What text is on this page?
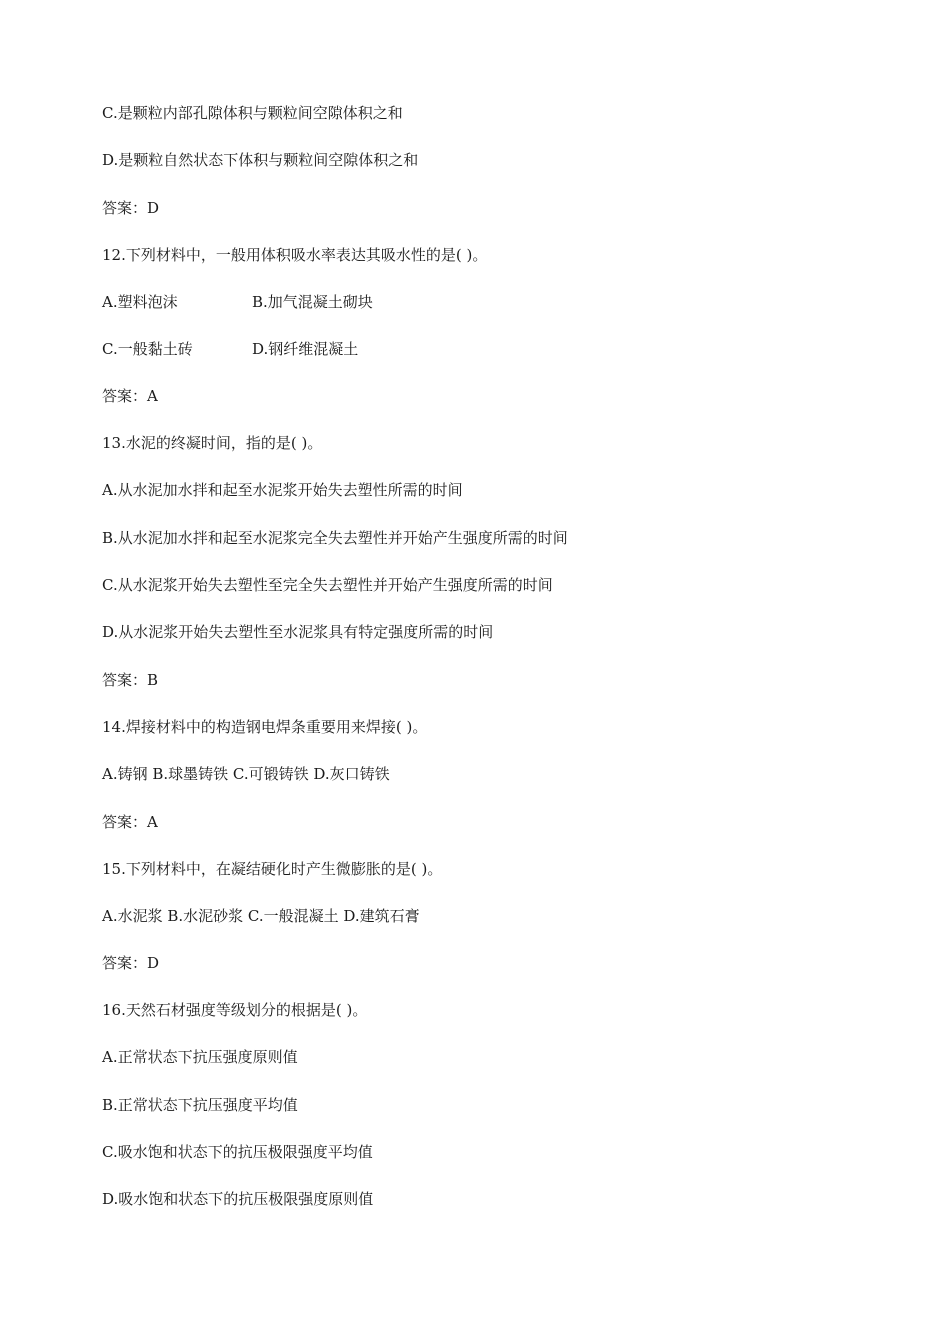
C.是颗粒内部孔隙体积与颗粒间空隙体积之和
D.是颗粒自然状态下体积与颗粒间空隙体积之和
答案：D
12.下列材料中，一般用体积吸水率表达其吸水性的是( )。
A.塑料泡沫	B.加气混凝土砌块
C.一般黏土砖	D.钢纤维混凝土
答案：A
13.水泥的终凝时间，指的是( )。
A.从水泥加水拌和起至水泥浆开始失去塑性所需的时间
B.从水泥加水拌和起至水泥浆完全失去塑性并开始产生强度所需的时间
C.从水泥浆开始失去塑性至完全失去塑性并开始产生强度所需的时间
D.从水泥浆开始失去塑性至水泥浆具有特定强度所需的时间
答案：B
14.焊接材料中的构造钢电焊条重要用来焊接( )。
A.铸钢 B.球墨铸铁 C.可锻铸铁 D.灰口铸铁
答案：A
15.下列材料中，在凝结硬化时产生微膨胀的是( )。
A.水泥浆 B.水泥砂浆 C.一般混凝土 D.建筑石膏
答案：D
16.天然石材强度等级划分的根据是( )。
A.正常状态下抗压强度原则值
B.正常状态下抗压强度平均值
C.吸水饱和状态下的抗压极限强度平均值
D.吸水饱和状态下的抗压极限强度原则值
